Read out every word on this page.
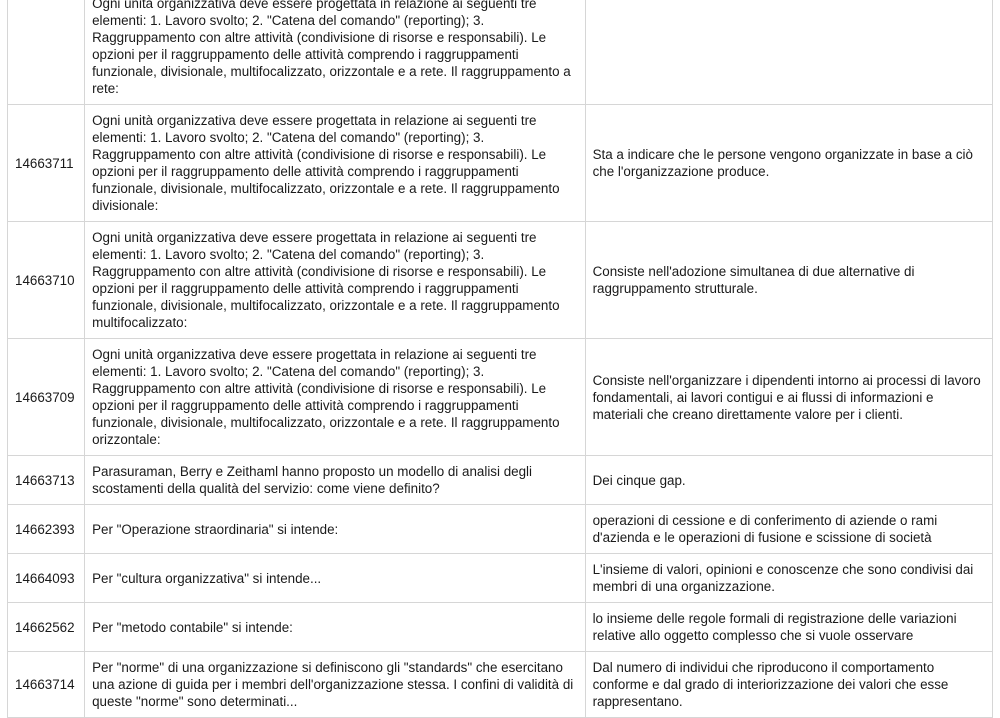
	Ogni unità organizzativa deve essere progettata in relazione ai seguenti tre elementi: 1. Lavoro svolto; 2. "Catena del comando" (reporting); 3. Raggruppamento con altre attività (condivisione di risorse e responsabili). Le opzioni per il raggruppamento delle attività comprendo i raggruppamenti funzionale, divisionale, multifocalizzato, orizzontale e a rete. Il raggruppamento a rete:	
14663711	Ogni unità organizzativa deve essere progettata in relazione ai seguenti tre elementi: 1. Lavoro svolto; 2. "Catena del comando" (reporting); 3. Raggruppamento con altre attività (condivisione di risorse e responsabili). Le opzioni per il raggruppamento delle attività comprendo i raggruppamenti funzionale, divisionale, multifocalizzato, orizzontale e a rete. Il raggruppamento divisionale:	Sta a indicare che le persone vengono organizzate in base a ciò che l'organizzazione produce.
14663710	Ogni unità organizzativa deve essere progettata in relazione ai seguenti tre elementi: 1. Lavoro svolto; 2. "Catena del comando" (reporting); 3. Raggruppamento con altre attività (condivisione di risorse e responsabili). Le opzioni per il raggruppamento delle attività comprendo i raggruppamenti funzionale, divisionale, multifocalizzato, orizzontale e a rete. Il raggruppamento multifocalizzato:	Consiste nell'adozione simultanea di due alternative di raggruppamento strutturale.
14663709	Ogni unità organizzativa deve essere progettata in relazione ai seguenti tre elementi: 1. Lavoro svolto; 2. "Catena del comando" (reporting); 3. Raggruppamento con altre attività (condivisione di risorse e responsabili). Le opzioni per il raggruppamento delle attività comprendo i raggruppamenti funzionale, divisionale, multifocalizzato, orizzontale e a rete. Il raggruppamento orizzontale:	Consiste nell'organizzare i dipendenti intorno ai processi di lavoro fondamentali, ai lavori contigui e ai flussi di informazioni e materiali che creano direttamente valore per i clienti.
14663713	Parasuraman, Berry e Zeithaml hanno proposto un modello di analisi degli scostamenti della qualità del servizio: come viene definito?	Dei cinque gap.
14662393	Per "Operazione straordinaria" si intende:	operazioni di cessione e di conferimento di aziende o rami d'azienda e le operazioni di fusione e scissione di società
14664093	Per "cultura organizzativa" si intende...	L'insieme di valori, opinioni e conoscenze che sono condivisi dai membri di una organizzazione.
14662562	Per "metodo contabile" si intende:	lo insieme delle regole formali di registrazione delle variazioni relative allo oggetto complesso che si vuole osservare
14663714	Per "norme" di una organizzazione si definiscono gli "standards" che esercitano una azione di guida per i membri dell'organizzazione stessa. I confini di validità di queste "norme" sono determinati...	Dal numero di individui che riproducono il comportamento conforme e dal grado di interiorizzazione dei valori che esse rappresentano.
